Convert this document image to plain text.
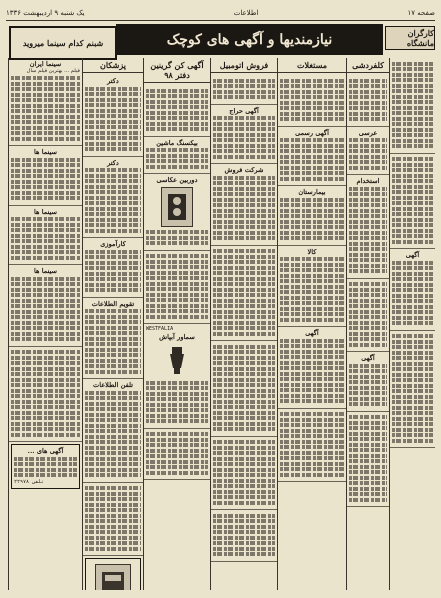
صفحه ۱۷
اطلاعات
یک شنبه ۹ اردیبهشت ۱۳۳۶
کارگران مانشگاه
نیازمندیها و آگهی های کوچک
شبنم کدام سینما میروید
سینما ایران
فیلم ... بهترین فیلم سال
سینما ها
سینما ها
سینما ها
آگهی های ...
تلفن ۲۲۹۷۸
پزشکان
دکتر
دکتر
کارآموزی
تقویم الطلاعات
تلفن الطلاعات
آگهی کن گرینین دفتر ۹۸
بیکسنگ ماشین
دوربین عکاسی
WESTFALIA
سماور آبپاش
فروش اتومبیل
آگهی حراج
شرکت فروش
مستغلات
آگهی رسمی
بیمارستان
کالا
آگهی
کلفردشی
عرسی
استخدام
آگهی
آگهی
